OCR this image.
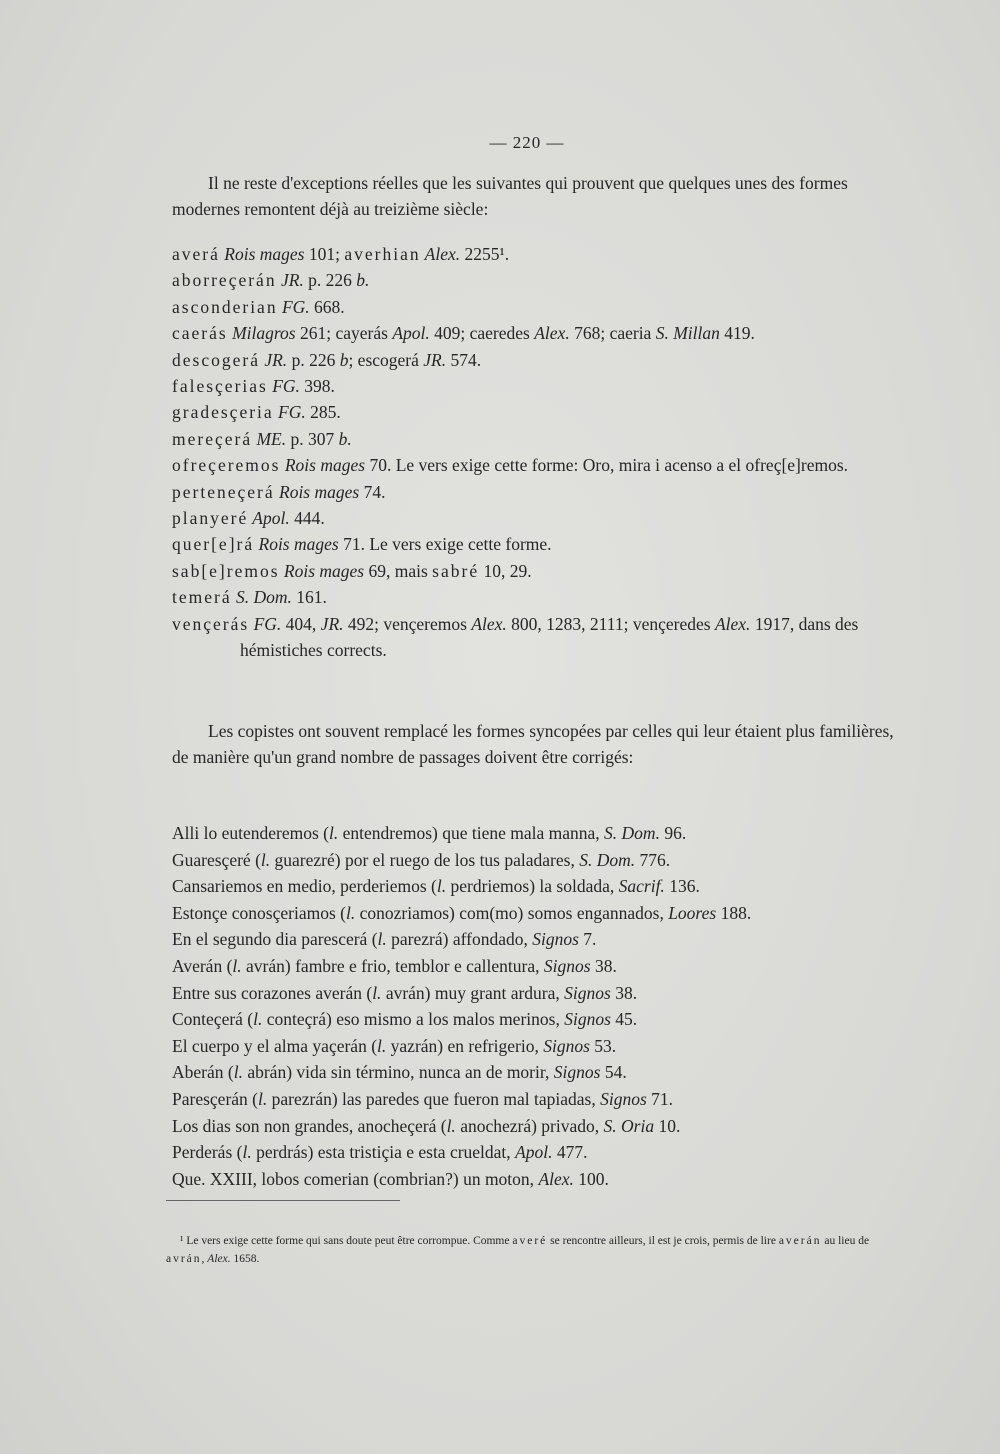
— 220 —

Il ne reste d'exceptions réelles que les suivantes qui prouvent que quelques unes des formes modernes remontent déjà au treizième siècle:

averá Rois mages 101; averhian Alex. 2255¹.
aborreçerán JR. p. 226 b.
asconderian FG. 668.
caerás Milagros 261; cayerás Apol. 409; caeredes Alex. 768; caeria S. Millan 419.
descogerá JR. p. 226 b; escogerá JR. 574.
falesçerias FG. 398.
gradesçeria FG. 285.
mereçerá ME. p. 307 b.
ofreçeremos Rois mages 70. Le vers exige cette forme: Oro, mira i acenso a el ofreç[e]remos.
perteneçerá Rois mages 74.
planyeré Apol. 444.
quer[e]rá Rois mages 71. Le vers exige cette forme.
sab[e]remos Rois mages 69, mais sabré 10, 29.
temerá S. Dom. 161.
vençerás FG. 404, JR. 492; vençeremos Alex. 800, 1283, 2111; vençeredes Alex. 1917, dans des hémistiches corrects.

Les copistes ont souvent remplacé les formes syncopées par celles qui leur étaient plus familières, de manière qu'un grand nombre de passages doivent être corrigés:

Alli lo eutenderemos (l. entendremos) que tiene mala manna, S. Dom. 96.
Guaresçeré (l. guarezré) por el ruego de los tus paladares, S. Dom. 776.
Cansariemos en medio, perderiemos (l. perdriemos) la soldada, Sacrif. 136.
Estonçe conosçeriamos (l. conozriamos) com(mo) somos engannados, Loores 188.
En el segundo dia parescerá (l. parezrá) affondado, Signos 7.
Averán (l. avrán) fambre e frio, temblor e callentura, Signos 38.
Entre sus corazones averán (l. avrán) muy grant ardura, Signos 38.
Conteçerá (l. conteçrá) eso mismo a los malos merinos, Signos 45.
El cuerpo y el alma yaçerán (l. yazrán) en refrigerio, Signos 53.
Aberán (l. abrán) vida sin término, nunca an de morir, Signos 54.
Paresçerán (l. parezrán) las paredes que fueron mal tapiadas, Signos 71.
Los dias son non grandes, anocheçerá (l. anochezrá) privado, S. Oria 10.
Perderás (l. perdrás) esta tristiçia e esta crueldat, Apol. 477.
Que. XXIII, lobos comerian (combrian?) un moton, Alex. 100.

¹ Le vers exige cette forme qui sans doute peut être corrompue. Comme averé se rencontre ailleurs, il est je crois, permis de lire averán au lieu de avrán, Alex. 1658.
